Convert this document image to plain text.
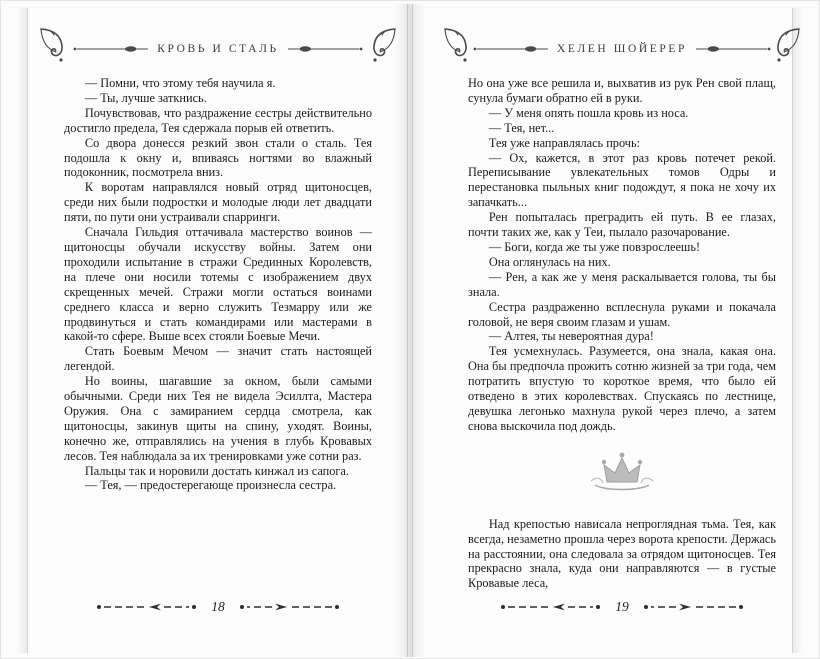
КРОВЬ И СТАЛЬ

— Помни, что этому тебя научила я.

— Ты, лучше заткнись.

Почувствовав, что раздражение сестры действительно достигло предела, Тея сдержала порыв ей ответить.

Со двора донесся резкий звон стали о сталь. Тея подошла к окну и, впиваясь ногтями во влажный подоконник, посмотрела вниз.

К воротам направлялся новый отряд щитоносцев, среди них были подростки и молодые люди лет двадцати пяти, по пути они устраивали спарринги.

Сначала Гильдия оттачивала мастерство воинов — щитоносцы обучали искусству войны. Затем они проходили испытание в стражи Срединных Королевств, на плече они носили тотемы с изображением двух скрещенных мечей. Стражи могли остаться воинами среднего класса и верно служить Тезмарру или же продвинуться и стать командирами или мастерами в какой-то сфере. Выше всех стояли Боевые Мечи.

Стать Боевым Мечом — значит стать настоящей легендой.

Но воины, шагавшие за окном, были самыми обычными. Среди них Тея не видела Эсиллта, Мастера Оружия. Она с замиранием сердца смотрела, как щитоносцы, закинув щиты на спину, уходят. Воины, конечно же, отправлялись на учения в глубь Кровавых лесов. Тея наблюдала за их тренировками уже сотни раз.

Пальцы так и норовили достать кинжал из сапога.

— Тея, — предостерегающе произнесла сестра.

18
ХЕЛЕН ШОЙЕРЕР

Но она уже все решила и, выхватив из рук Рен свой плащ, сунула бумаги обратно ей в руки.

— У меня опять пошла кровь из носа.

— Тея, нет...

Тея уже направлялась прочь:

— Ох, кажется, в этот раз кровь потечет рекой. Переписывание увлекательных томов Одры и перестановка пыльных книг подождут, я пока не хочу их запачкать...

Рен попыталась преградить ей путь. В ее глазах, почти таких же, как у Теи, пылало разочарование.

— Боги, когда же ты уже повзрослеешь!

Она оглянулась на них.

— Рен, а как же у меня раскалывается голова, ты бы знала.

Сестра раздраженно всплеснула руками и покачала головой, не веря своим глазам и ушам.

— Алтея, ты невероятная дура!

Тея усмехнулась. Разумеется, она знала, какая она. Она бы предпочла прожить сотню жизней за три года, чем потратить впустую то короткое время, что было ей отведено в этих королевствах. Спускаясь по лестнице, девушка легонько махнула рукой через плечо, а затем снова выскочила под дождь.

Над крепостью нависала непроглядная тьма. Тея, как всегда, незаметно прошла через ворота крепости. Держась на расстоянии, она следовала за отрядом щитоносцев. Тея прекрасно знала, куда они направляются — в густые Кровавые леса,

19
